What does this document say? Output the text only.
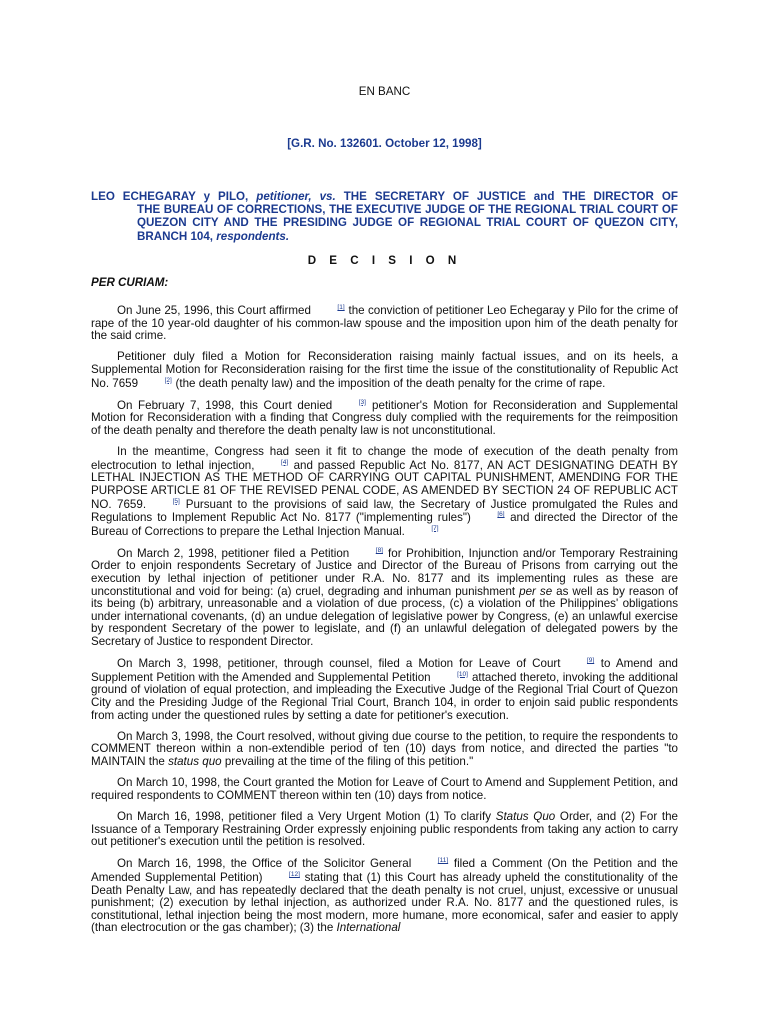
EN BANC
[G.R. No. 132601. October 12, 1998]
LEO ECHEGARAY y PILO, petitioner, vs. THE SECRETARY OF JUSTICE and THE DIRECTOR OF
THE BUREAU OF CORRECTIONS, THE EXECUTIVE JUDGE OF THE REGIONAL TRIAL COURT OF QUEZON CITY AND THE PRESIDING JUDGE OF REGIONAL TRIAL COURT OF QUEZON CITY, BRANCH 104, respondents.
D E C I S I O N
PER CURIAM:

On June 25, 1996, this Court affirmed	[1] the conviction of petitioner Leo Echegaray y Pilo for the crime of rape of the 10 year-old daughter of his common-law spouse and the imposition upon him of the death penalty for the said crime.

Petitioner duly filed a Motion for Reconsideration raising mainly factual issues, and on its heels, a Supplemental Motion for Reconsideration raising for the first time the issue of the constitutionality of Republic Act No. 7659	[2] (the death penalty law) and the imposition of the death penalty for the crime of rape.

On February 7, 1998, this Court denied	[3] petitioner's Motion for Reconsideration and Supplemental Motion for Reconsideration with a finding that Congress duly complied with the requirements for the reimposition of the death penalty and therefore the death penalty law is not unconstitutional.

In the meantime, Congress had seen it fit to change the mode of execution of the death penalty from electrocution to lethal injection,	[4] and passed Republic Act No. 8177, AN ACT DESIGNATING DEATH BY LETHAL INJECTION AS THE METHOD OF CARRYING OUT CAPITAL PUNISHMENT, AMENDING FOR THE PURPOSE ARTICLE 81 OF THE REVISED PENAL CODE, AS AMENDED BY SECTION 24 OF REPUBLIC ACT NO. 7659.	[5] Pursuant to the provisions of said law, the Secretary of Justice promulgated the Rules and Regulations to Implement Republic Act No. 8177 ("implementing rules")	[6] and directed the Director of the Bureau of Corrections to prepare the Lethal Injection Manual.	[7]

On March 2, 1998, petitioner filed a Petition	[8] for Prohibition, Injunction and/or Temporary Restraining Order to enjoin respondents Secretary of Justice and Director of the Bureau of Prisons from carrying out the execution by lethal injection of petitioner under R.A. No. 8177 and its implementing rules as these are unconstitutional and void for being: (a) cruel, degrading and inhuman punishment per se as well as by reason of its being (b) arbitrary, unreasonable and a violation of due process, (c) a violation of the Philippines' obligations under international covenants, (d) an undue delegation of legislative power by Congress, (e) an unlawful exercise by respondent Secretary of the power to legislate, and (f) an unlawful delegation of delegated powers by the Secretary of Justice to respondent Director.

On March 3, 1998, petitioner, through counsel, filed a Motion for Leave of Court	[9] to Amend and Supplement Petition with the Amended and Supplemental Petition	[10] attached thereto, invoking the additional ground of violation of equal protection, and impleading the Executive Judge of the Regional Trial Court of Quezon City and the Presiding Judge of the Regional Trial Court, Branch 104, in order to enjoin said public respondents from acting under the questioned rules by setting a date for petitioner's execution.

On March 3, 1998, the Court resolved, without giving due course to the petition, to require the respondents to COMMENT thereon within a non-extendible period of ten (10) days from notice, and directed the parties "to MAINTAIN the status quo prevailing at the time of the filing of this petition."

On March 10, 1998, the Court granted the Motion for Leave of Court to Amend and Supplement Petition, and required respondents to COMMENT thereon within ten (10) days from notice.

On March 16, 1998, petitioner filed a Very Urgent Motion (1) To clarify Status Quo Order, and (2) For the Issuance of a Temporary Restraining Order expressly enjoining public respondents from taking any action to carry out petitioner's execution until the petition is resolved.

On March 16, 1998, the Office of the Solicitor General	[11] filed a Comment (On the Petition and the Amended Supplemental Petition)	[12] stating that (1) this Court has already upheld the constitutionality of the Death Penalty Law, and has repeatedly declared that the death penalty is not cruel, unjust, excessive or unusual punishment; (2) execution by lethal injection, as authorized under R.A. No. 8177 and the questioned rules, is constitutional, lethal injection being the most modern, more humane, more economical, safer and easier to apply (than electrocution or the gas chamber); (3) the International
